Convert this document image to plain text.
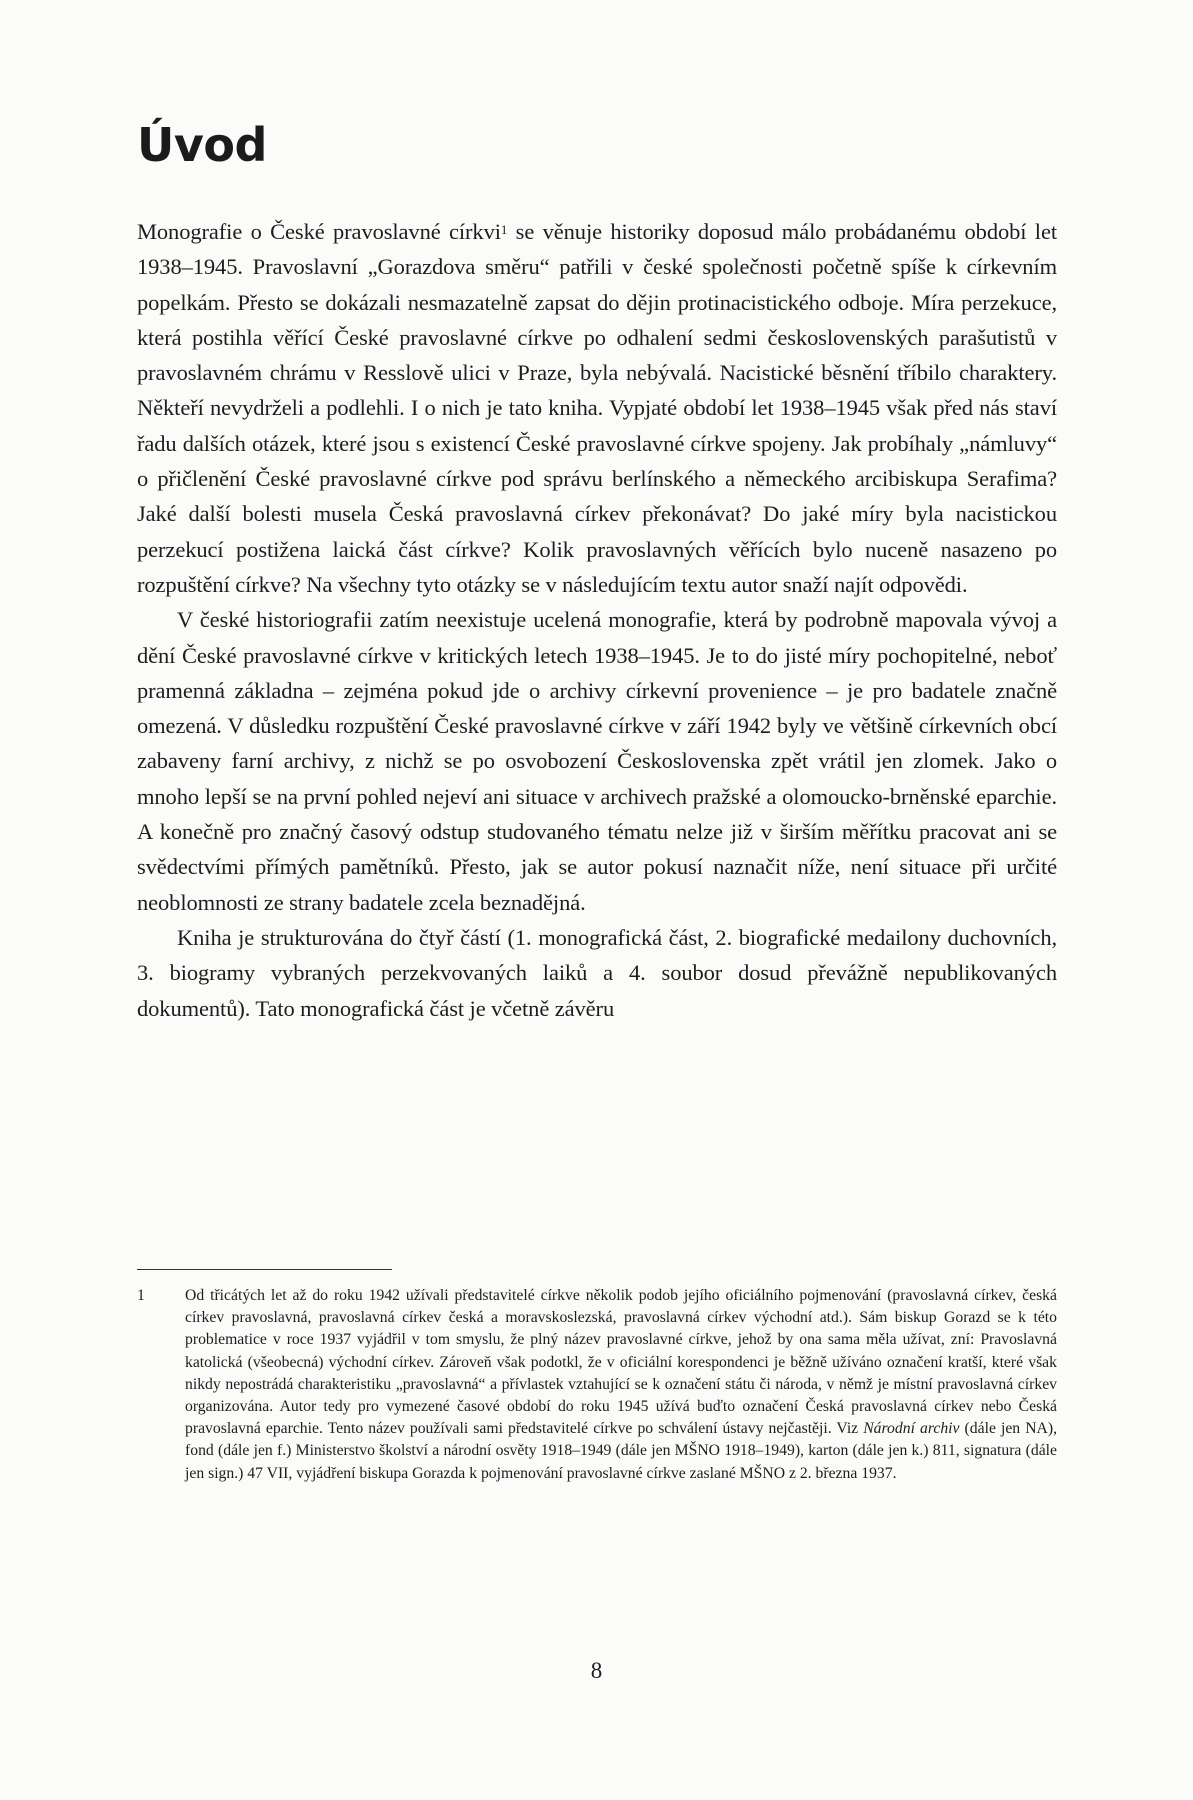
Úvod

Monografie o České pravoslavné církvi$^1$ se věnuje historiky doposud málo probádanému období let 1938–1945. Pravoslavní „Gorazdova směru“ patřili v české společnosti početně spíše k církevním popelkám. Přesto se dokázali nesmazatelně zapsat do dějin protinacistického odboje. Míra perzekuce, která postihla věřící České pravoslavné církve po odhalení sedmi československých parašutistů v pravoslavném chrámu v Resslově ulici v Praze, byla nebývalá. Nacistické běsnění tříbilo charaktery. Někteří nevydrželi a podlehli. I o nich je tato kniha. Vypjaté období let 1938–1945 však před nás staví řadu dalších otázek, které jsou s existencí České pravoslavné církve spojeny. Jak probíhaly „námluvy“ o přičlenění České pravoslavné církve pod správu berlínského a německého arcibiskupa Serafima? Jaké další bolesti musela Česká pravoslavná církev překonávat? Do jaké míry byla nacistickou perzekucí postižena laická část církve? Kolik pravoslavných věřících bylo nuceně nasazeno po rozpuštění církve? Na všechny tyto otázky se v následujícím textu autor snaží najít odpovědi.

V české historiografii zatím neexistuje ucelená monografie, která by podrobně mapovala vývoj a dění České pravoslavné církve v kritických letech 1938–1945. Je to do jisté míry pochopitelné, neboť pramenná základna – zejména pokud jde o archivy církevní provenience – je pro badatele značně omezená. V důsledku rozpuštění České pravoslavné církve v září 1942 byly ve většině církevních obcí zabaveny farní archivy, z nichž se po osvobození Československa zpět vrátil jen zlomek. Jako o mnoho lepší se na první pohled nejeví ani situace v archivech pražské a olomoucko-brněnské eparchie. A konečně pro značný časový odstup studovaného tématu nelze již v širším měřítku pracovat ani se svědectvími přímých pamětníků. Přesto, jak se autor pokusí naznačit níže, není situace při určité neoblomnosti ze strany badatele zcela beznadějná.

Kniha je strukturována do čtyř částí (1. monografická část, 2. biografické medailony duchovních, 3. biogramy vybraných perzekvovaných laiků a 4. soubor dosud převážně nepublikovaných dokumentů). Tato monografická část je včetně závěru

1	Od třicátých let až do roku 1942 užívali představitelé církve několik podob jejího oficiálního pojmenování (pravoslavná církev, česká církev pravoslavná, pravoslavná církev česká a moravskoslezská, pravoslavná církev východní atd.). Sám biskup Gorazd se k této problematice v roce 1937 vyjádřil v tom smyslu, že plný název pravoslavné církve, jehož by ona sama měla užívat, zní: Pravoslavná katolická (všeobecná) východní církev. Zároveň však podotkl, že v oficiální korespondenci je běžně užíváno označení kratší, které však nikdy nepostrádá charakteristiku „pravoslavná“ a přívlastek vztahující se k označení státu či národa, v němž je místní pravoslavná církev organizována. Autor tedy pro vymezené časové období do roku 1945 užívá buďto označení Česká pravoslavná církev nebo Česká pravoslavná eparchie. Tento název používali sami představitelé církve po schválení ústavy nejčastěji. Viz Národní archiv (dále jen NA), fond (dále jen f.) Ministerstvo školství a národní osvěty 1918–1949 (dále jen MŠNO 1918–1949), karton (dále jen k.) 811, signatura (dále jen sign.) 47 VII, vyjádření biskupa Gorazda k pojmenování pravoslavné církve zaslané MŠNO z 2. března 1937.
8
